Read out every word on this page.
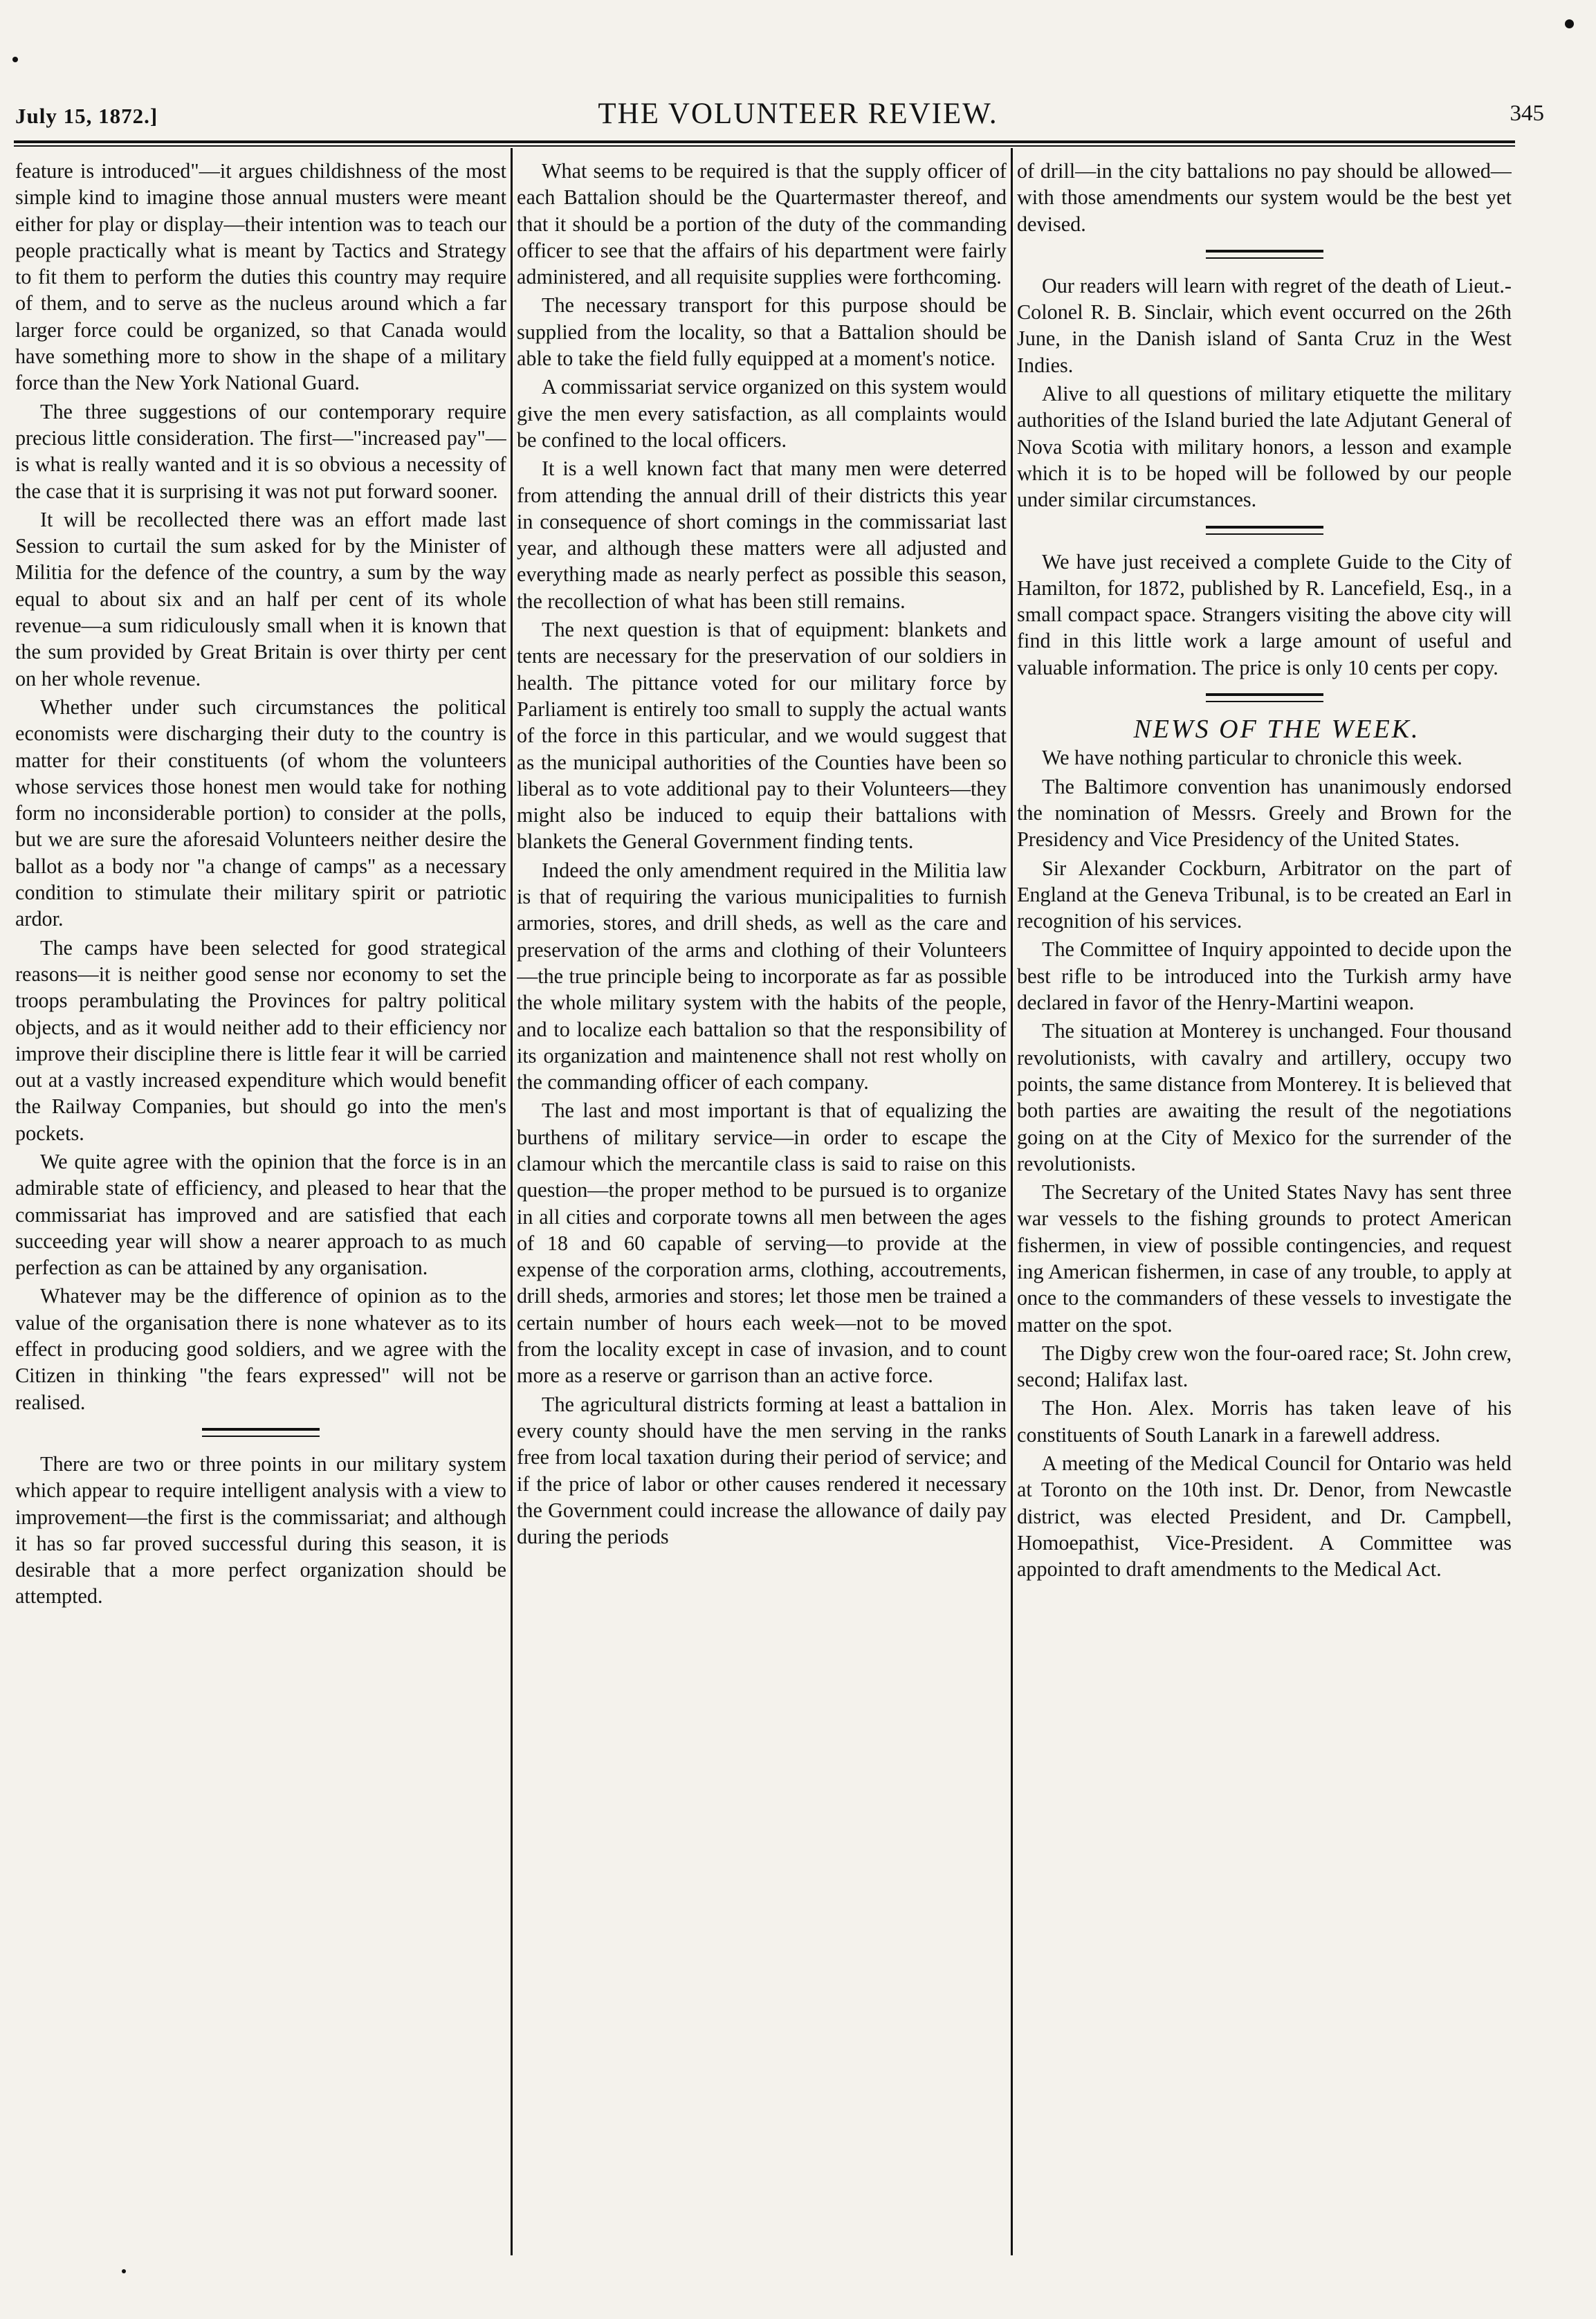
July 15, 1872.]	THE VOLUNTEER REVIEW.	345

feature is introduced"—it argues childishness of the most simple kind to imagine those annual musters were meant either for play or display—their intention was to teach our people practically what is meant by Tactics and Strategy to fit them to perform the duties this country may require of them, and to serve as the nucleus around which a far larger force could be organized, so that Canada would have something more to show in the shape of a military force than the New York National Guard.

The three suggestions of our contemporary require precious little consideration. The first—"increased pay"—is what is really wanted and it is so obvious a necessity of the case that it is surprising it was not put forward sooner.

It will be recollected there was an effort made last Session to curtail the sum asked for by the Minister of Militia for the defence of the country, a sum by the way equal to about six and an half per cent of its whole revenue—a sum ridiculously small when it is known that the sum provided by Great Britain is over thirty per cent on her whole revenue.

Whether under such circumstances the political economists were discharging their duty to the country is matter for their constituents (of whom the volunteers whose services those honest men would take for nothing form no inconsiderable portion) to consider at the polls, but we are sure the aforesaid Volunteers neither desire the ballot as a body nor "a change of camps" as a necessary condition to stimulate their military spirit or patriotic ardor.

The camps have been selected for good strategical reasons—it is neither good sense nor economy to set the troops perambulating the Provinces for paltry political objects, and as it would neither add to their efficiency nor improve their discipline there is little fear it will be carried out at a vastly increased expenditure which would benefit the Railway Companies, but should go into the men's pockets.

We quite agree with the opinion that the force is in an admirable state of efficiency, and pleased to hear that the commissariat has improved and are satisfied that each succeeding year will show a nearer approach to as much perfection as can be attained by any organisation.

Whatever may be the difference of opinion as to the value of the organisation there is none whatever as to its effect in producing good soldiers, and we agree with the Citizen in thinking "the fears expressed" will not be realised.

There are two or three points in our military system which appear to require intelligent analysis with a view to improvement—the first is the commissariat; and although it has so far proved successful during this season, it is desirable that a more perfect organization should be attempted.

What seems to be required is that the supply officer of each Battalion should be the Quartermaster thereof, and that it should be a portion of the duty of the commanding officer to see that the affairs of his department were fairly administered, and all requisite supplies were forthcoming.

The necessary transport for this purpose should be supplied from the locality, so that a Battalion should be able to take the field fully equipped at a moment's notice.

A commissariat service organized on this system would give the men every satisfaction, as all complaints would be confined to the local officers.

It is a well known fact that many men were deterred from attending the annual drill of their districts this year in consequence of short comings in the commissariat last year, and although these matters were all adjusted and everything made as nearly perfect as possible this season, the recollection of what has been still remains.

The next question is that of equipment: blankets and tents are necessary for the preservation of our soldiers in health. The pittance voted for our military force by Parliament is entirely too small to supply the actual wants of the force in this particular, and we would suggest that as the municipal authorities of the Counties have been so liberal as to vote additional pay to their Volunteers—they might also be induced to equip their battalions with blankets the General Government finding tents.

Indeed the only amendment required in the Militia law is that of requiring the various municipalities to furnish armories, stores, and drill sheds, as well as the care and preservation of the arms and clothing of their Volunteers—the true principle being to incorporate as far as possible the whole military system with the habits of the people, and to localize each battalion so that the responsibility of its organization and maintenence shall not rest wholly on the commanding officer of each company.

The last and most important is that of equalizing the burthens of military service—in order to escape the clamour which the mercantile class is said to raise on this question—the proper method to be pursued is to organize in all cities and corporate towns all men between the ages of 18 and 60 capable of serving—to provide at the expense of the corporation arms, clothing, accoutrements, drill sheds, armories and stores; let those men be trained a certain number of hours each week—not to be moved from the locality except in case of invasion, and to count more as a reserve or garrison than an active force.

The agricultural districts forming at least a battalion in every county should have the men serving in the ranks free from local taxation during their period of service; and if the price of labor or other causes rendered it necessary the Government could increase the allowance of daily pay during the periods

of drill—in the city battalions no pay should be allowed—with those amendments our system would be the best yet devised.

Our readers will learn with regret of the death of Lieut.-Colonel R. B. Sinclair, which event occurred on the 26th June, in the Danish island of Santa Cruz in the West Indies.

Alive to all questions of military etiquette the military authorities of the Island buried the late Adjutant General of Nova Scotia with military honors, a lesson and example which it is to be hoped will be followed by our people under similar circumstances.

We have just received a complete Guide to the City of Hamilton, for 1872, published by R. Lancefield, Esq., in a small compact space. Strangers visiting the above city will find in this little work a large amount of useful and valuable information. The price is only 10 cents per copy.

NEWS OF THE WEEK.

We have nothing particular to chronicle this week.

The Baltimore convention has unanimously endorsed the nomination of Messrs. Greely and Brown for the Presidency and Vice Presidency of the United States.

Sir Alexander Cockburn, Arbitrator on the part of England at the Geneva Tribunal, is to be created an Earl in recognition of his services.

The Committee of Inquiry appointed to decide upon the best rifle to be introduced into the Turkish army have declared in favor of the Henry-Martini weapon.

The situation at Monterey is unchanged. Four thousand revolutionists, with cavalry and artillery, occupy two points, the same distance from Monterey. It is believed that both parties are awaiting the result of the negotiations going on at the City of Mexico for the surrender of the revolutionists.

The Secretary of the United States Navy has sent three war vessels to the fishing grounds to protect American fishermen, in view of possible contingencies, and request ing American fishermen, in case of any trouble, to apply at once to the commanders of these vessels to investigate the matter on the spot.

The Digby crew won the four-oared race; St. John crew, second; Halifax last.

The Hon. Alex. Morris has taken leave of his constituents of South Lanark in a farewell address.

A meeting of the Medical Council for Ontario was held at Toronto on the 10th inst. Dr. Denor, from Newcastle district, was elected President, and Dr. Campbell, Homoepathist, Vice-President. A Committee was appointed to draft amendments to the Medical Act.
